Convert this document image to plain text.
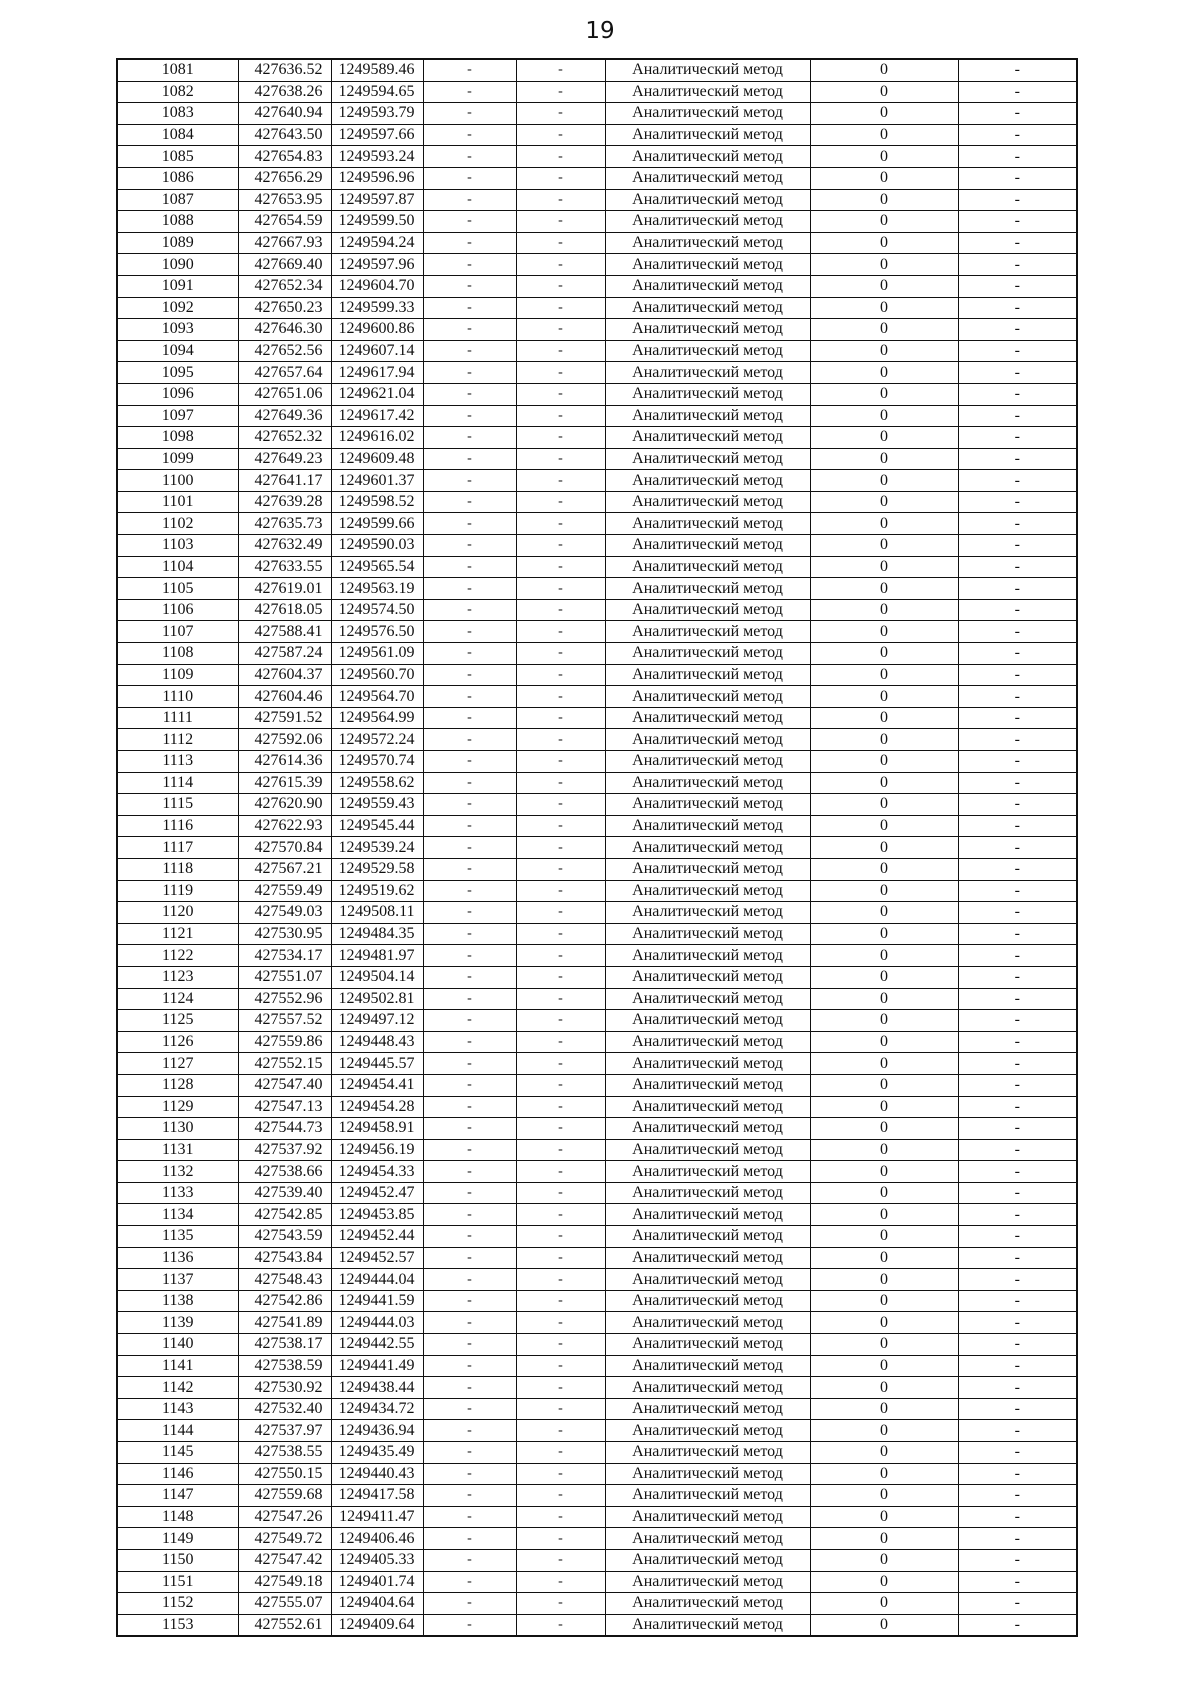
19
1081	427636.52	1249589.46	-	-	Аналитический метод	0	-
1082	427638.26	1249594.65	-	-	Аналитический метод	0	-
1083	427640.94	1249593.79	-	-	Аналитический метод	0	-
1084	427643.50	1249597.66	-	-	Аналитический метод	0	-
1085	427654.83	1249593.24	-	-	Аналитический метод	0	-
1086	427656.29	1249596.96	-	-	Аналитический метод	0	-
1087	427653.95	1249597.87	-	-	Аналитический метод	0	-
1088	427654.59	1249599.50	-	-	Аналитический метод	0	-
1089	427667.93	1249594.24	-	-	Аналитический метод	0	-
1090	427669.40	1249597.96	-	-	Аналитический метод	0	-
1091	427652.34	1249604.70	-	-	Аналитический метод	0	-
1092	427650.23	1249599.33	-	-	Аналитический метод	0	-
1093	427646.30	1249600.86	-	-	Аналитический метод	0	-
1094	427652.56	1249607.14	-	-	Аналитический метод	0	-
1095	427657.64	1249617.94	-	-	Аналитический метод	0	-
1096	427651.06	1249621.04	-	-	Аналитический метод	0	-
1097	427649.36	1249617.42	-	-	Аналитический метод	0	-
1098	427652.32	1249616.02	-	-	Аналитический метод	0	-
1099	427649.23	1249609.48	-	-	Аналитический метод	0	-
1100	427641.17	1249601.37	-	-	Аналитический метод	0	-
1101	427639.28	1249598.52	-	-	Аналитический метод	0	-
1102	427635.73	1249599.66	-	-	Аналитический метод	0	-
1103	427632.49	1249590.03	-	-	Аналитический метод	0	-
1104	427633.55	1249565.54	-	-	Аналитический метод	0	-
1105	427619.01	1249563.19	-	-	Аналитический метод	0	-
1106	427618.05	1249574.50	-	-	Аналитический метод	0	-
1107	427588.41	1249576.50	-	-	Аналитический метод	0	-
1108	427587.24	1249561.09	-	-	Аналитический метод	0	-
1109	427604.37	1249560.70	-	-	Аналитический метод	0	-
1110	427604.46	1249564.70	-	-	Аналитический метод	0	-
1111	427591.52	1249564.99	-	-	Аналитический метод	0	-
1112	427592.06	1249572.24	-	-	Аналитический метод	0	-
1113	427614.36	1249570.74	-	-	Аналитический метод	0	-
1114	427615.39	1249558.62	-	-	Аналитический метод	0	-
1115	427620.90	1249559.43	-	-	Аналитический метод	0	-
1116	427622.93	1249545.44	-	-	Аналитический метод	0	-
1117	427570.84	1249539.24	-	-	Аналитический метод	0	-
1118	427567.21	1249529.58	-	-	Аналитический метод	0	-
1119	427559.49	1249519.62	-	-	Аналитический метод	0	-
1120	427549.03	1249508.11	-	-	Аналитический метод	0	-
1121	427530.95	1249484.35	-	-	Аналитический метод	0	-
1122	427534.17	1249481.97	-	-	Аналитический метод	0	-
1123	427551.07	1249504.14	-	-	Аналитический метод	0	-
1124	427552.96	1249502.81	-	-	Аналитический метод	0	-
1125	427557.52	1249497.12	-	-	Аналитический метод	0	-
1126	427559.86	1249448.43	-	-	Аналитический метод	0	-
1127	427552.15	1249445.57	-	-	Аналитический метод	0	-
1128	427547.40	1249454.41	-	-	Аналитический метод	0	-
1129	427547.13	1249454.28	-	-	Аналитический метод	0	-
1130	427544.73	1249458.91	-	-	Аналитический метод	0	-
1131	427537.92	1249456.19	-	-	Аналитический метод	0	-
1132	427538.66	1249454.33	-	-	Аналитический метод	0	-
1133	427539.40	1249452.47	-	-	Аналитический метод	0	-
1134	427542.85	1249453.85	-	-	Аналитический метод	0	-
1135	427543.59	1249452.44	-	-	Аналитический метод	0	-
1136	427543.84	1249452.57	-	-	Аналитический метод	0	-
1137	427548.43	1249444.04	-	-	Аналитический метод	0	-
1138	427542.86	1249441.59	-	-	Аналитический метод	0	-
1139	427541.89	1249444.03	-	-	Аналитический метод	0	-
1140	427538.17	1249442.55	-	-	Аналитический метод	0	-
1141	427538.59	1249441.49	-	-	Аналитический метод	0	-
1142	427530.92	1249438.44	-	-	Аналитический метод	0	-
1143	427532.40	1249434.72	-	-	Аналитический метод	0	-
1144	427537.97	1249436.94	-	-	Аналитический метод	0	-
1145	427538.55	1249435.49	-	-	Аналитический метод	0	-
1146	427550.15	1249440.43	-	-	Аналитический метод	0	-
1147	427559.68	1249417.58	-	-	Аналитический метод	0	-
1148	427547.26	1249411.47	-	-	Аналитический метод	0	-
1149	427549.72	1249406.46	-	-	Аналитический метод	0	-
1150	427547.42	1249405.33	-	-	Аналитический метод	0	-
1151	427549.18	1249401.74	-	-	Аналитический метод	0	-
1152	427555.07	1249404.64	-	-	Аналитический метод	0	-
1153	427552.61	1249409.64	-	-	Аналитический метод	0	-
